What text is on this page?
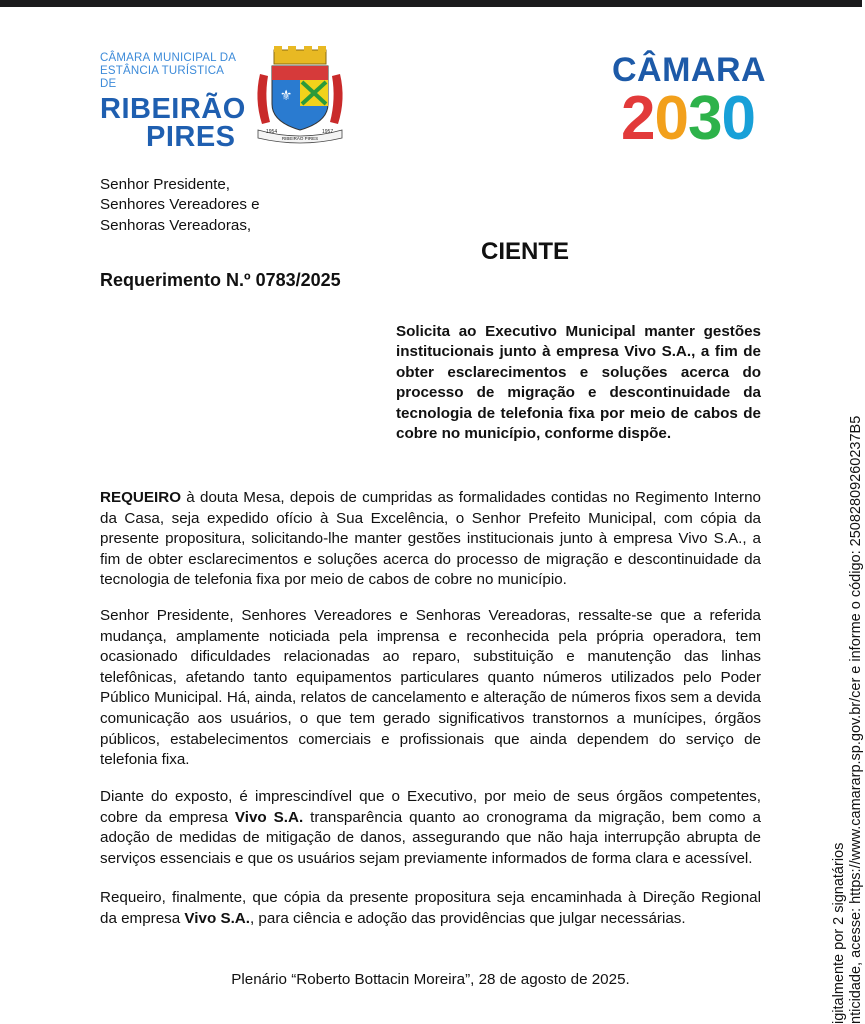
CÂMARA MUNICIPAL DA
ESTÂNCIA TURÍSTICA DE
RIBEIRÃO
PIRES
⚜
1954	1957
RIBEIRÃO PIRES
CÂMARA
2030
Senhor Presidente,
Senhores Vereadores e
Senhoras Vereadoras,
CIENTE
Requerimento N.º 0783/2025
Solicita ao Executivo Municipal manter gestões institucionais junto à empresa Vivo S.A., a fim de obter esclarecimentos e soluções acerca do processo de migração e descontinuidade da tecnologia de telefonia fixa por meio de cabos de cobre no município, conforme dispõe.
REQUEIRO à douta Mesa, depois de cumpridas as formalidades contidas no Regimento Interno da Casa, seja expedido ofício à Sua Excelência, o Senhor Prefeito Municipal, com cópia da presente propositura, solicitando-lhe manter gestões institucionais junto à empresa Vivo S.A., a fim de obter esclarecimentos e soluções acerca do processo de migração e descontinuidade da tecnologia de telefonia fixa por meio de cabos de cobre no município.
Senhor Presidente, Senhores Vereadores e Senhoras Vereadoras, ressalte-se que a referida mudança, amplamente noticiada pela imprensa e reconhecida pela própria operadora, tem ocasionado dificuldades relacionadas ao reparo, substituição e manutenção das linhas telefônicas, afetando tanto equipamentos particulares quanto números utilizados pelo Poder Público Municipal. Há, ainda, relatos de cancelamento e alteração de números fixos sem a devida comunicação aos usuários, o que tem gerado significativos transtornos a munícipes, órgãos públicos, estabelecimentos comerciais e profissionais que ainda dependem do serviço de telefonia fixa.
Diante do exposto, é imprescindível que o Executivo, por meio de seus órgãos competentes, cobre da empresa Vivo S.A. transparência quanto ao cronograma da migração, bem como a adoção de medidas de mitigação de danos, assegurando que não haja interrupção abrupta de serviços essenciais e que os usuários sejam previamente informados de forma clara e acessível.
Requeiro, finalmente, que cópia da presente propositura seja encaminhada à Direção Regional da empresa Vivo S.A., para ciência e adoção das providências que julgar necessárias.
Plenário “Roberto Bottacin Moreira”, 28 de agosto de 2025.	igitalmente por 2 signatários nticidade, acesse: https://www.camararp.sp.gov.br/cer e informe o código: 250828092602​37B5
